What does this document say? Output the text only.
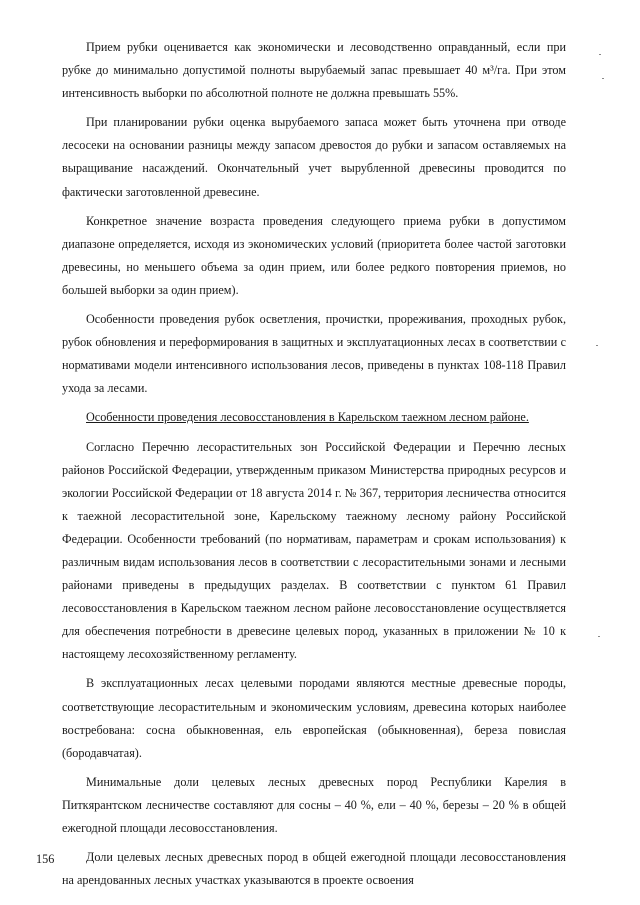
Прием рубки оценивается как экономически и лесоводственно оправданный, если при рубке до минимально допустимой полноты вырубаемый запас превышает 40 м³/га. При этом интенсивность выборки по абсолютной полноте не должна превышать 55%.

При планировании рубки оценка вырубаемого запаса может быть уточнена при отводе лесосеки на основании разницы между запасом древостоя до рубки и запасом оставляемых на выращивание насаждений. Окончательный учет вырубленной древесины проводится по фактически заготовленной древесине.

Конкретное значение возраста проведения следующего приема рубки в допустимом диапазоне определяется, исходя из экономических условий (приоритета более частой заготовки древесины, но меньшего объема за один прием, или более редкого повторения приемов, но большей выборки за один прием).

Особенности проведения рубок осветления, прочистки, прореживания, проходных рубок, рубок обновления и переформирования в защитных и эксплуатационных лесах в соответствии с нормативами модели интенсивного использования лесов, приведены в пунктах 108-118 Правил ухода за лесами.

Особенности проведения лесовосстановления в Карельском таежном лесном районе.

Согласно Перечню лесорастительных зон Российской Федерации и Перечню лесных районов Российской Федерации, утвержденным приказом Министерства природных ресурсов и экологии Российской Федерации от 18 августа 2014 г. № 367, территория лесничества относится к таежной лесорастительной зоне, Карельскому таежному лесному району Российской Федерации. Особенности требований (по нормативам, параметрам и срокам использования) к различным видам использования лесов в соответствии с лесорастительными зонами и лесными районами приведены в предыдущих разделах. В соответствии с пунктом 61 Правил лесовосстановления в Карельском таежном лесном районе лесовосстановление осуществляется для обеспечения потребности в древесине целевых пород, указанных в приложении № 10 к настоящему лесохозяйственному регламенту.

В эксплуатационных лесах целевыми породами являются местные древесные породы, соответствующие лесорастительным и экономическим условиям, древесина которых наиболее востребована: сосна обыкновенная, ель европейская (обыкновенная), береза повислая (бородавчатая).

Минимальные доли целевых лесных древесных пород Республики Карелия в Питкярантском лесничестве составляют для сосны – 40 %, ели – 40 %, березы – 20 % в общей ежегодной площади лесовосстановления.

Доли целевых лесных древесных пород в общей ежегодной площади лесовосстановления на арендованных лесных участках указываются в проекте освоения

156
